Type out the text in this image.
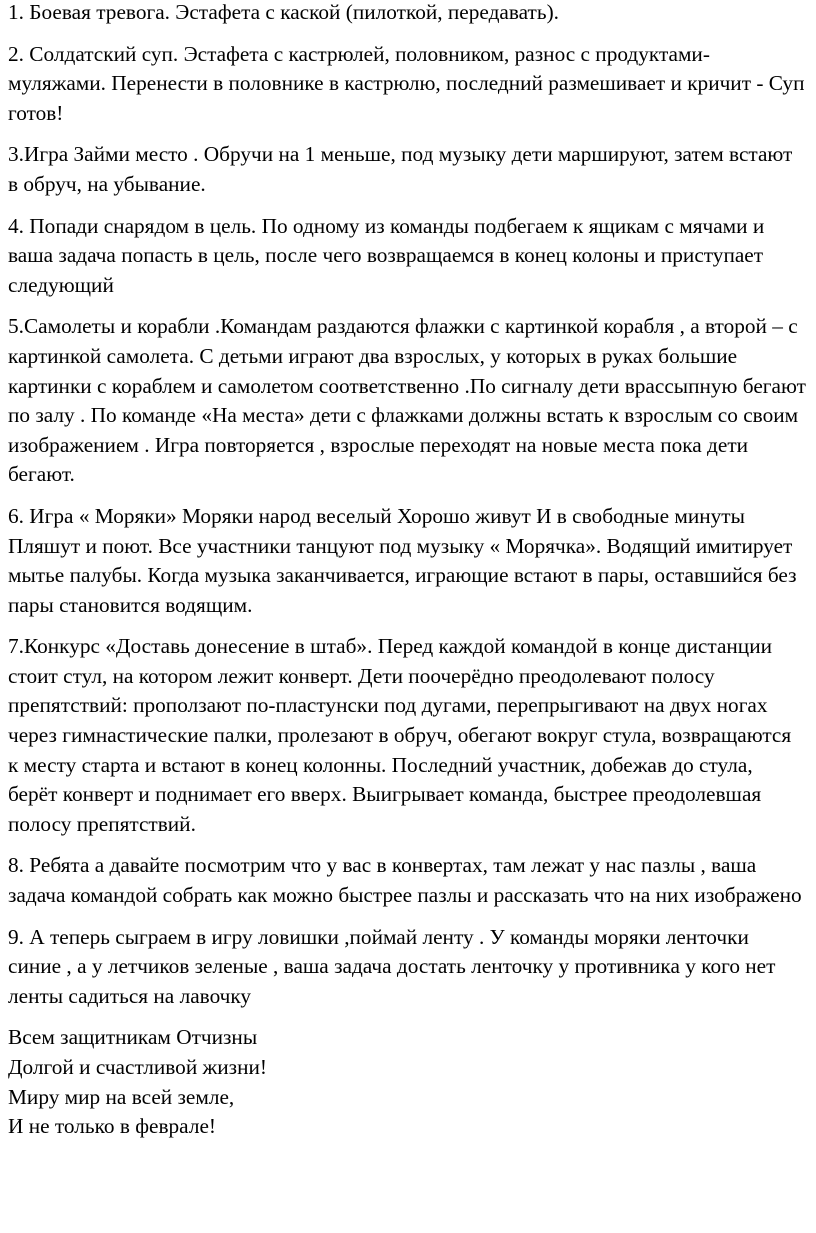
1. Боевая тревога. Эстафета с каской (пилоткой, передавать).

2. Солдатский суп. Эстафета с кастрюлей, половником, разнос с продуктами-муляжами. Перенести в половнике в кастрюлю, последний размешивает и кричит - Суп готов!

3.Игра Займи место . Обручи на 1 меньше, под музыку дети маршируют, затем встают в обруч, на убывание.

4. Попади снарядом в цель. По одному из команды подбегаем к ящикам с мячами и ваша задача попасть в цель, после чего возвращаемся в конец колоны и приступает следующий

5.Самолеты и корабли .Командам раздаются флажки с картинкой корабля , а второй – с картинкой самолета. С детьми играют два взрослых, у которых в руках большие картинки с кораблем и самолетом соответственно .По сигналу дети врассыпную бегают по залу . По команде «На места» дети с флажками должны встать к взрослым со своим изображением . Игра повторяется , взрослые переходят на новые места пока дети бегают.

6. Игра « Моряки» Моряки народ веселый Хорошо живут И в свободные минуты Пляшут и поют. Все участники танцуют под музыку « Морячка». Водящий имитирует мытье палубы. Когда музыка заканчивается, играющие встают в пары, оставшийся без пары становится водящим.

7.Конкурс «Доставь донесение в штаб». Перед каждой командой в конце дистанции стоит стул, на котором лежит конверт. Дети поочерёдно преодолевают полосу препятствий: проползают по-пластунски под дугами, перепрыгивают на двух ногах через гимнастические палки, пролезают в обруч, обегают вокруг стула, возвращаются к месту старта и встают в конец колонны. Последний участник, добежав до стула, берёт конверт и поднимает его вверх. Выигрывает команда, быстрее преодолевшая полосу препятствий.

8. Ребята а давайте посмотрим что у вас в конвертах, там лежат у нас пазлы , ваша задача командой собрать как можно быстрее пазлы и рассказать что на них изображено

9. А теперь сыграем в игру ловишки ,поймай ленту . У команды моряки ленточки синие , а у летчиков зеленые , ваша задача достать ленточку у противника у кого нет ленты садиться на лавочку

Всем защитникам Отчизны
Долгой и счастливой жизни!
Миру мир на всей земле,
И не только в феврале!
